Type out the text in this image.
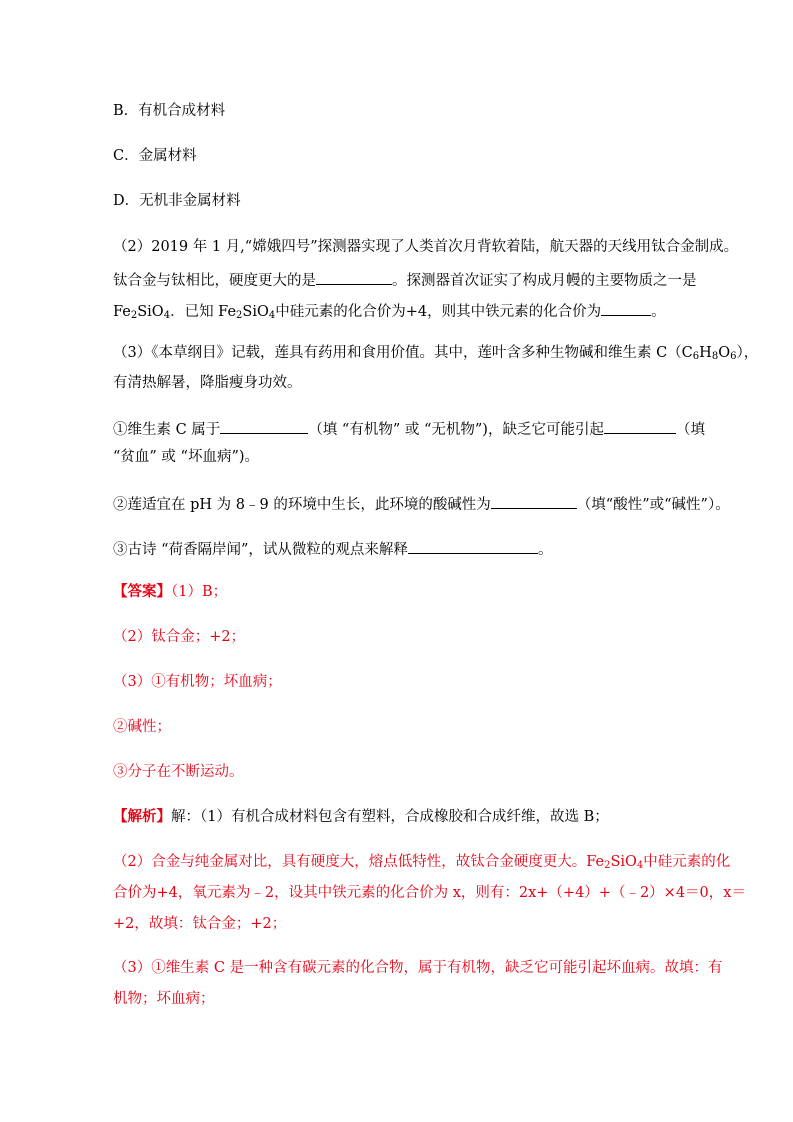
B．有机合成材料
C．金属材料
D．无机非金属材料
（2）2019 年 1 月,“嫦娥四号”探测器实现了人类首次月背软着陆，航天器的天线用钛合金制成。
钛合金与钛相比，硬度更大的是	。探测器首次证实了构成月幔的主要物质之一是
$Fe_2SiO_4$．已知 $Fe_2SiO_4$中硅元素的化合价为+4，则其中铁元素的化合价为	。
（3）《本草纲目》记载，莲具有药用和食用价值。其中，莲叶含多种生物碱和维生素 $C(C_6H_8O_6)$，
有清热解暑，降脂瘦身功效。
①维生素 C 属于	（填 “有机物” 或 “无机物”)，缺乏它可能引起	（填
“贫血” 或 “坏血病”)。
②莲适宜在 pH 为 8﹣9 的环境中生长，此环境的酸碱性为	（填“酸性”或“碱性”）。
③古诗 “荷香隔岸闻”，试从微粒的观点来解释	。
【答案】（1）B；
（2）钛合金；+2；
（3）①有机物；坏血病；
②碱性；
③分子在不断运动。
【解析】解：（1）有机合成材料包含有塑料，合成橡胶和合成纤维，故选 B；
（2）合金与纯金属对比，具有硬度大，熔点低特性，故钛合金硬度更大。$Fe_2SiO_4$中硅元素的化
合价为+4，氧元素为﹣2，设其中铁元素的化合价为 x，则有：2x+（+4）+（﹣2）×4＝0，x＝
+2，故填：钛合金；+2；
（3）①维生素 C 是一种含有碳元素的化合物，属于有机物，缺乏它可能引起坏血病。故填：有
机物；坏血病；
